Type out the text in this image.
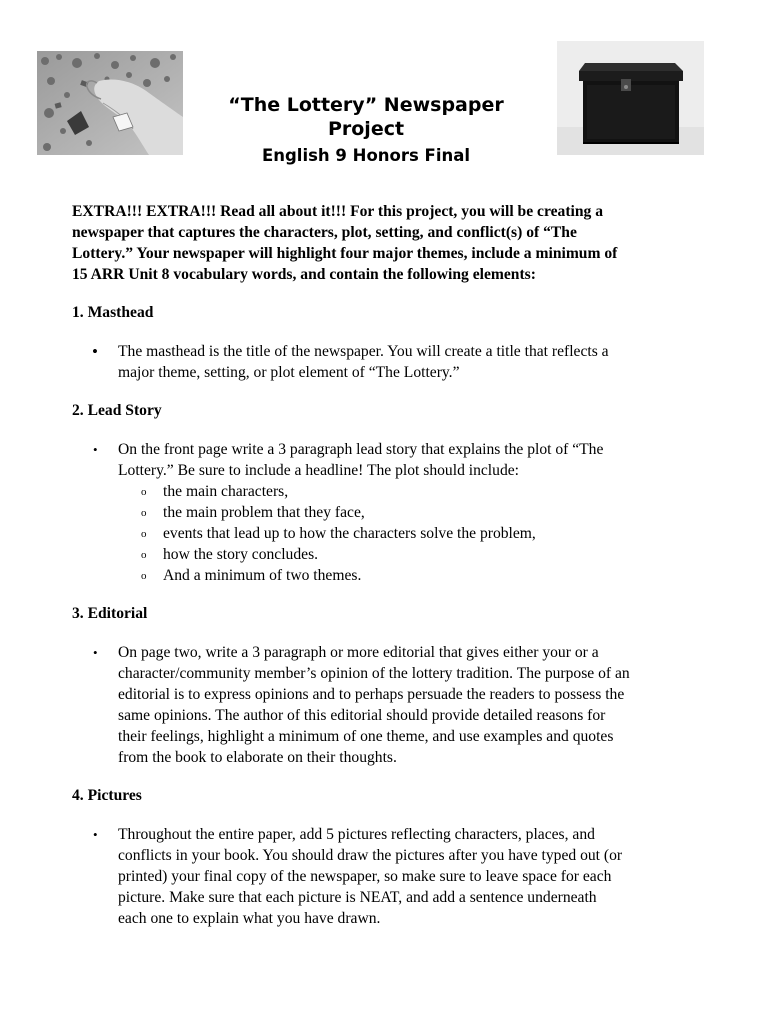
“The Lottery” Newspaper
Project
English 9 Honors Final
EXTRA!!! EXTRA!!! Read all about it!!! For this project, you will be creating a
newspaper that captures the characters, plot, setting, and conflict(s) of “The
Lottery.” Your newspaper will highlight four major themes, include a minimum of
15 ARR Unit 8 vocabulary words, and contain the following elements:
1. Masthead
• The masthead is the title of the newspaper. You will create a title that reflects a
major theme, setting, or plot element of “The Lottery.”
2. Lead Story
• On the front page write a 3 paragraph lead story that explains the plot of “The
Lottery.” Be sure to include a headline! The plot should include:
o the main characters,
o the main problem that they face,
o events that lead up to how the characters solve the problem,
o how the story concludes.
o And a minimum of two themes.
3. Editorial
• On page two, write a 3 paragraph or more editorial that gives either your or a
character/community member’s opinion of the lottery tradition. The purpose of an
editorial is to express opinions and to perhaps persuade the readers to possess the
same opinions. The author of this editorial should provide detailed reasons for
their feelings, highlight a minimum of one theme, and use examples and quotes
from the book to elaborate on their thoughts.
4. Pictures
• Throughout the entire paper, add 5 pictures reflecting characters, places, and
conflicts in your book. You should draw the pictures after you have typed out (or
printed) your final copy of the newspaper, so make sure to leave space for each
picture. Make sure that each picture is NEAT, and add a sentence underneath
each one to explain what you have drawn.
